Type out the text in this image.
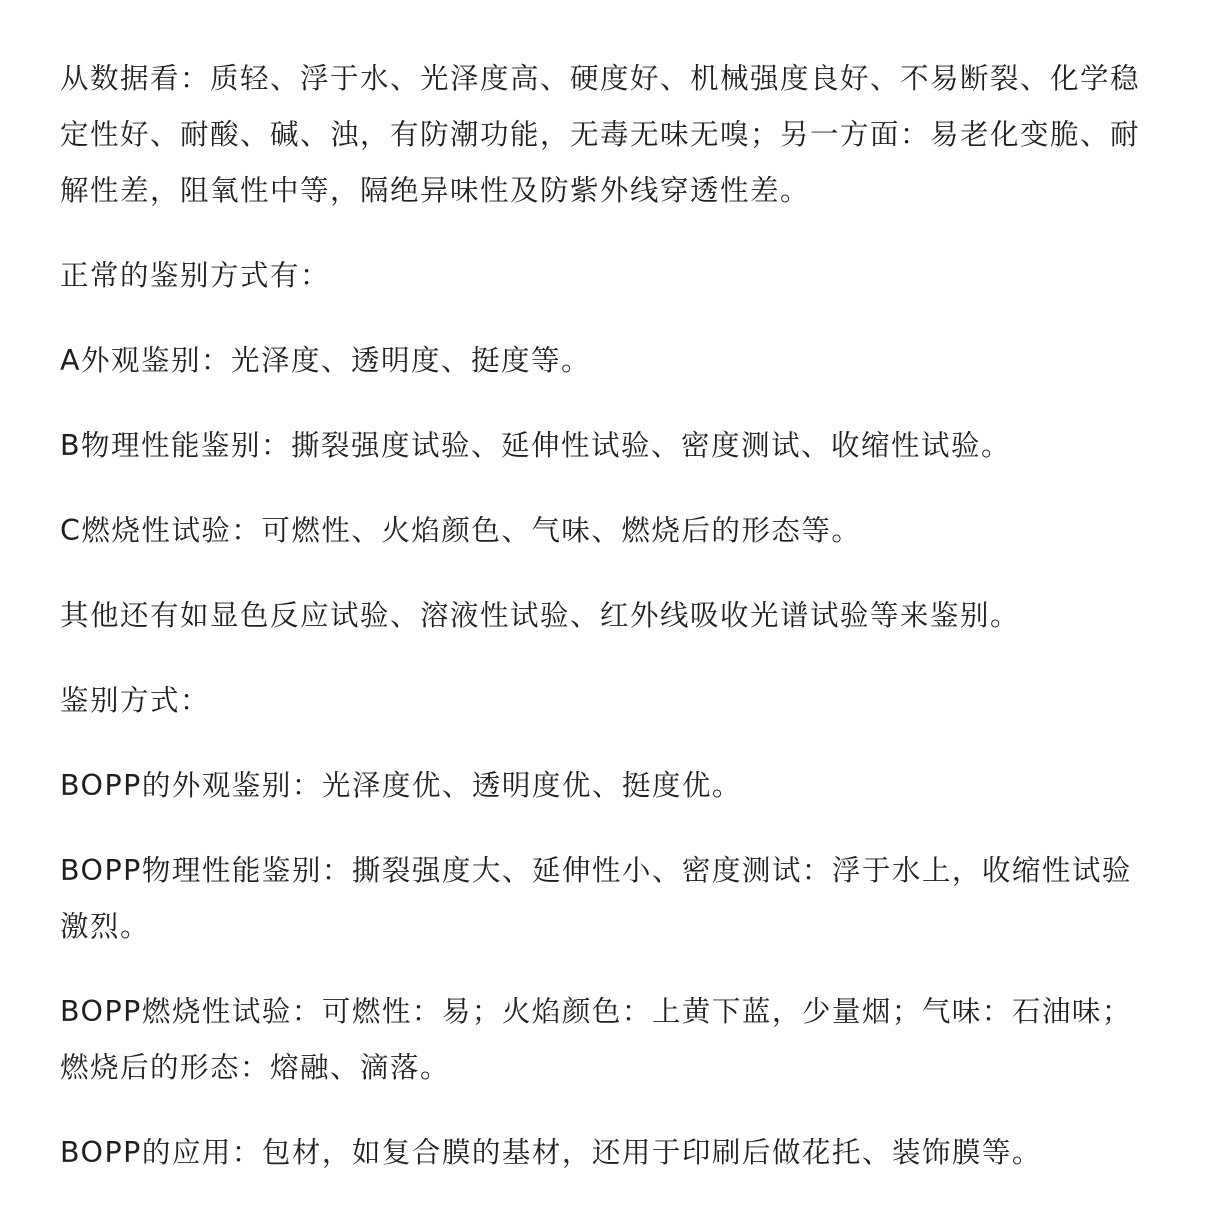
从数据看：质轻、浮于水、光泽度高、硬度好、机械强度良好、不易断裂、化学稳定性好、耐酸、碱、浊，有防潮功能，无毒无味无嗅；另一方面：易老化变脆、耐解性差，阻氧性中等，隔绝异味性及防紫外线穿透性差。

正常的鉴别方式有：

A外观鉴别：光泽度、透明度、挺度等。

B物理性能鉴别：撕裂强度试验、延伸性试验、密度测试、收缩性试验。

C燃烧性试验：可燃性、火焰颜色、气味、燃烧后的形态等。

其他还有如显色反应试验、溶液性试验、红外线吸收光谱试验等来鉴别。

鉴别方式：

BOPP的外观鉴别：光泽度优、透明度优、挺度优。

BOPP物理性能鉴别：撕裂强度大、延伸性小、密度测试：浮于水上，收缩性试验激烈。

BOPP燃烧性试验：可燃性：易；火焰颜色：上黄下蓝，少量烟；气味：石油味；燃烧后的形态：熔融、滴落。

BOPP的应用：包材，如复合膜的基材，还用于印刷后做花托、装饰膜等。
